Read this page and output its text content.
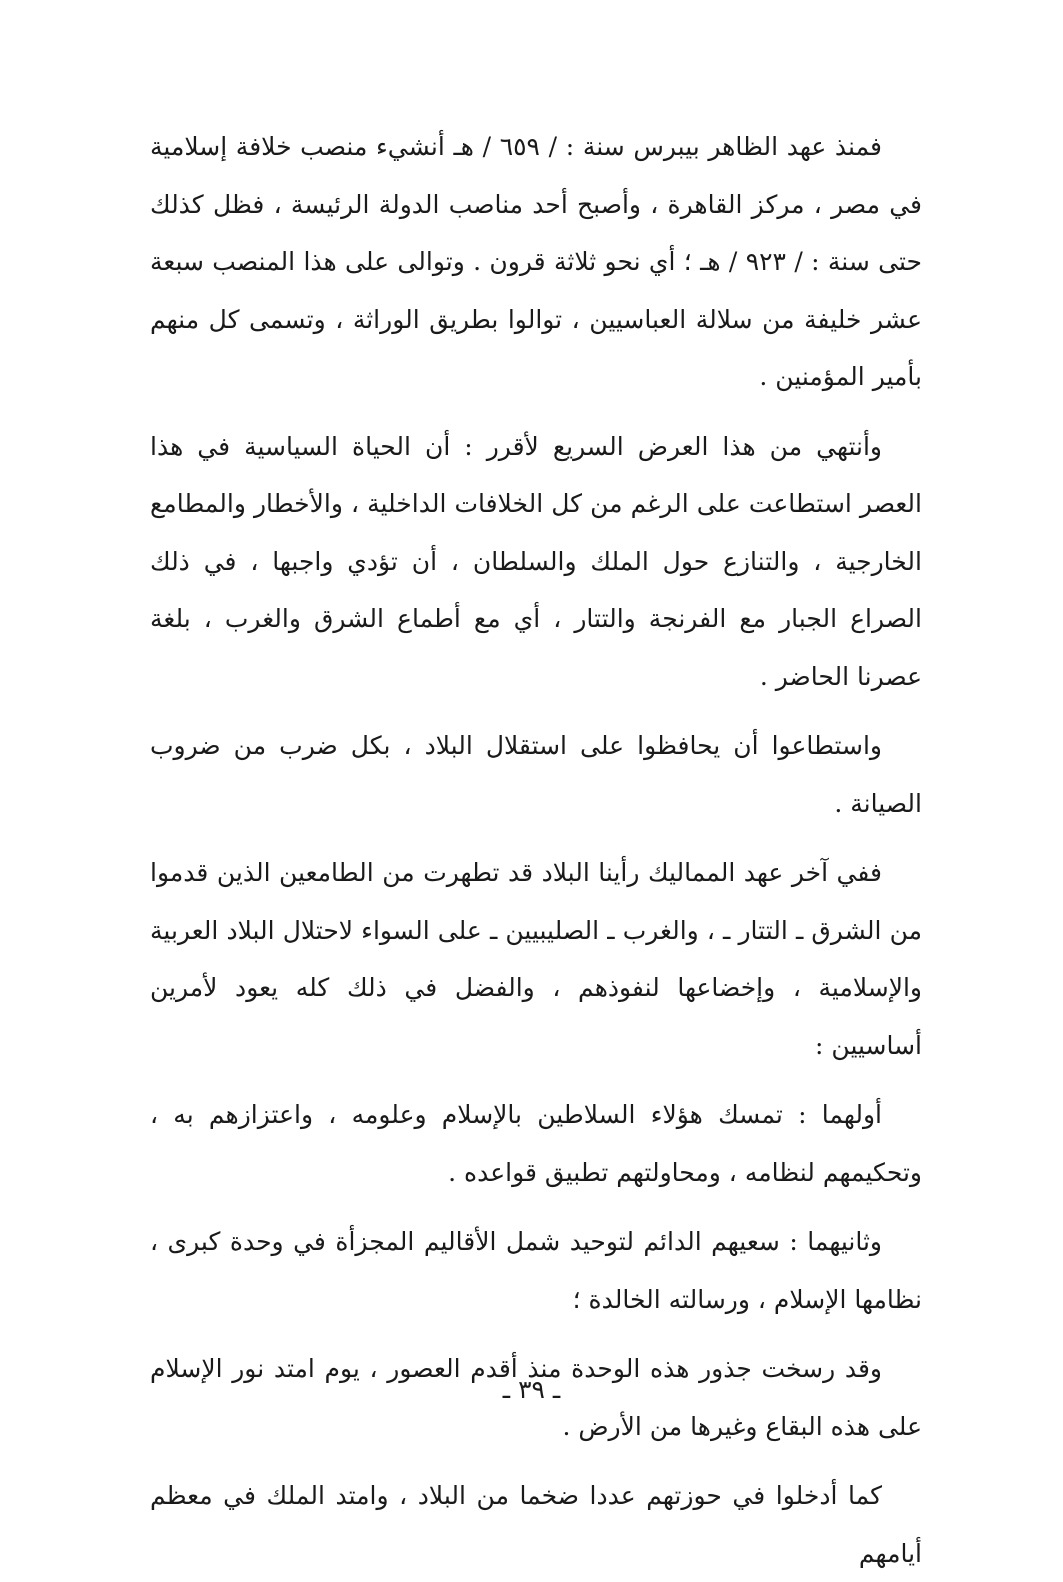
فمنذ عهد الظاهر بيبرس سنة : / ٦٥٩ / هـ أنشيء منصب خلافة إسلامية في مصر ، مركز القاهرة ، وأصبح أحد مناصب الدولة الرئيسة ، فظل كذلك حتى سنة : / ٩٢٣ / هـ ؛ أي نحو ثلاثة قرون . وتوالى على هذا المنصب سبعة عشر خليفة من سلالة العباسيين ، توالوا بطريق الوراثة ، وتسمى كل منهم بأمير المؤمنين .

وأنتهي من هذا العرض السريع لأقرر : أن الحياة السياسية في هذا العصر استطاعت على الرغم من كل الخلافات الداخلية ، والأخطار والمطامع الخارجية ، والتنازع حول الملك والسلطان ، أن تؤدي واجبها ، في ذلك الصراع الجبار مع الفرنجة والتتار ، أي مع أطماع الشرق والغرب ، بلغة عصرنا الحاضر .

واستطاعوا أن يحافظوا على استقلال البلاد ، بكل ضرب من ضروب الصيانة .

ففي آخر عهد المماليك رأينا البلاد قد تطهرت من الطامعين الذين قدموا من الشرق ـ التتار ـ ، والغرب ـ الصليبيين ـ على السواء لاحتلال البلاد العربية والإسلامية ، وإخضاعها لنفوذهم ، والفضل في ذلك كله يعود لأمرين أساسيين :

أولهما : تمسك هؤلاء السلاطين بالإسلام وعلومه ، واعتزازهم به ، وتحكيمهم لنظامه ، ومحاولتهم تطبيق قواعده .

وثانيهما : سعيهم الدائم لتوحيد شمل الأقاليم المجزأة في وحدة كبرى ، نظامها الإسلام ، ورسالته الخالدة ؛

وقد رسخت جذور هذه الوحدة منذ أقدم العصور ، يوم امتد نور الإسلام على هذه البقاع وغيرها من الأرض .

كما أدخلوا في حوزتهم عددا ضخما من البلاد ، وامتد الملك في معظم أيامهم

ـ ٣٩ ـ
